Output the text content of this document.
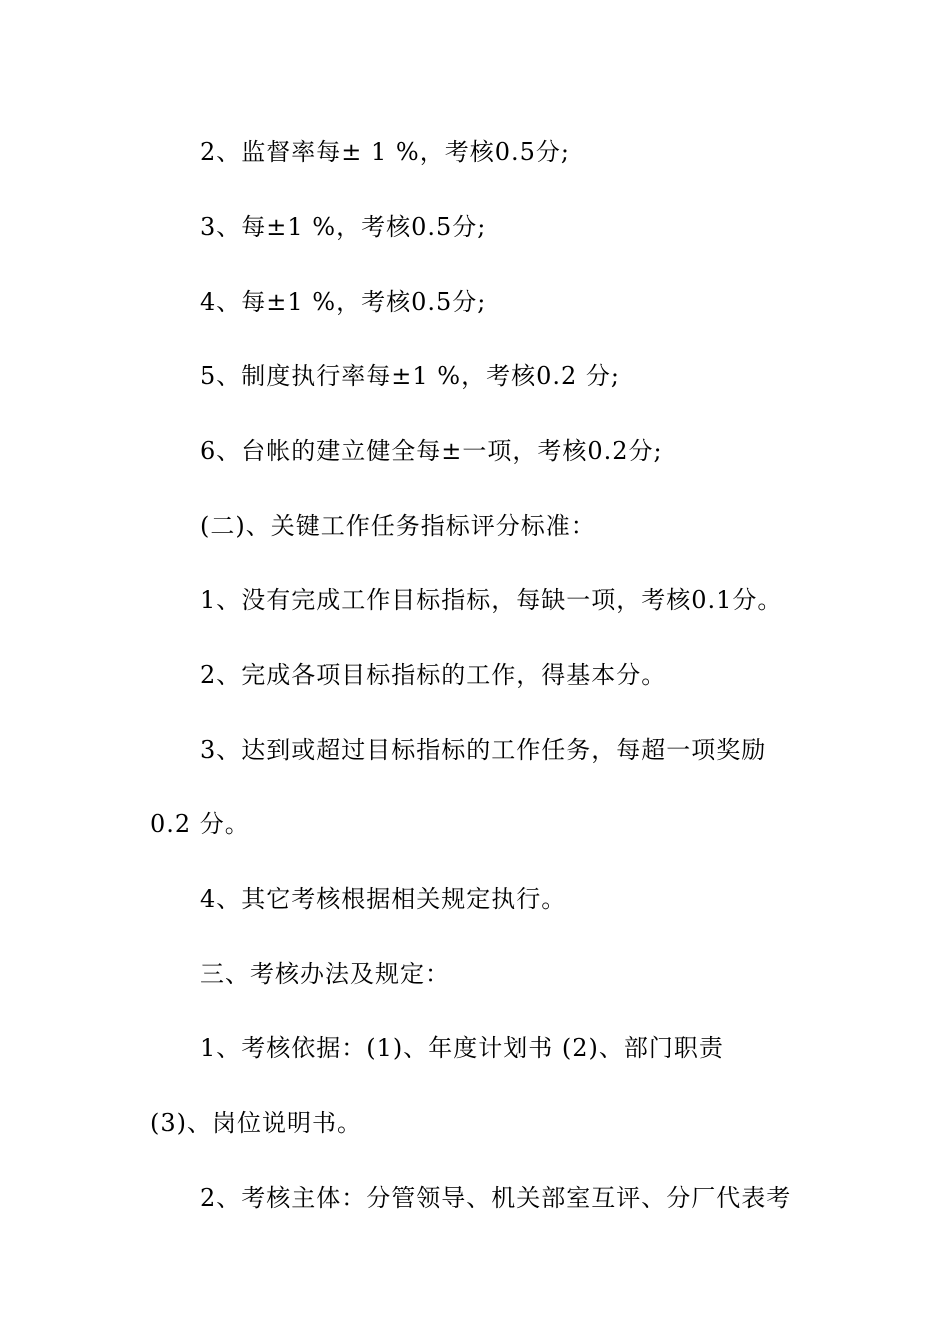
2、监督率每± 1 %，考核0.5分;

3、每±1 %，考核0.5分;

4、每±1 %，考核0.5分;

5、制度执行率每±1 %，考核0.2 分;

6、台帐的建立健全每±一项，考核0.2分;

(二)、关键工作任务指标评分标准：

1、没有完成工作目标指标，每缺一项，考核0.1分。

2、完成各项目标指标的工作，得基本分。

3、达到或超过目标指标的工作任务，每超一项奖励

0.2 分。

4、其它考核根据相关规定执行。

三、考核办法及规定：

1、考核依据：(1)、年度计划书 (2)、部门职责

(3)、岗位说明书。

2、考核主体：分管领导、机关部室互评、分厂代表考
